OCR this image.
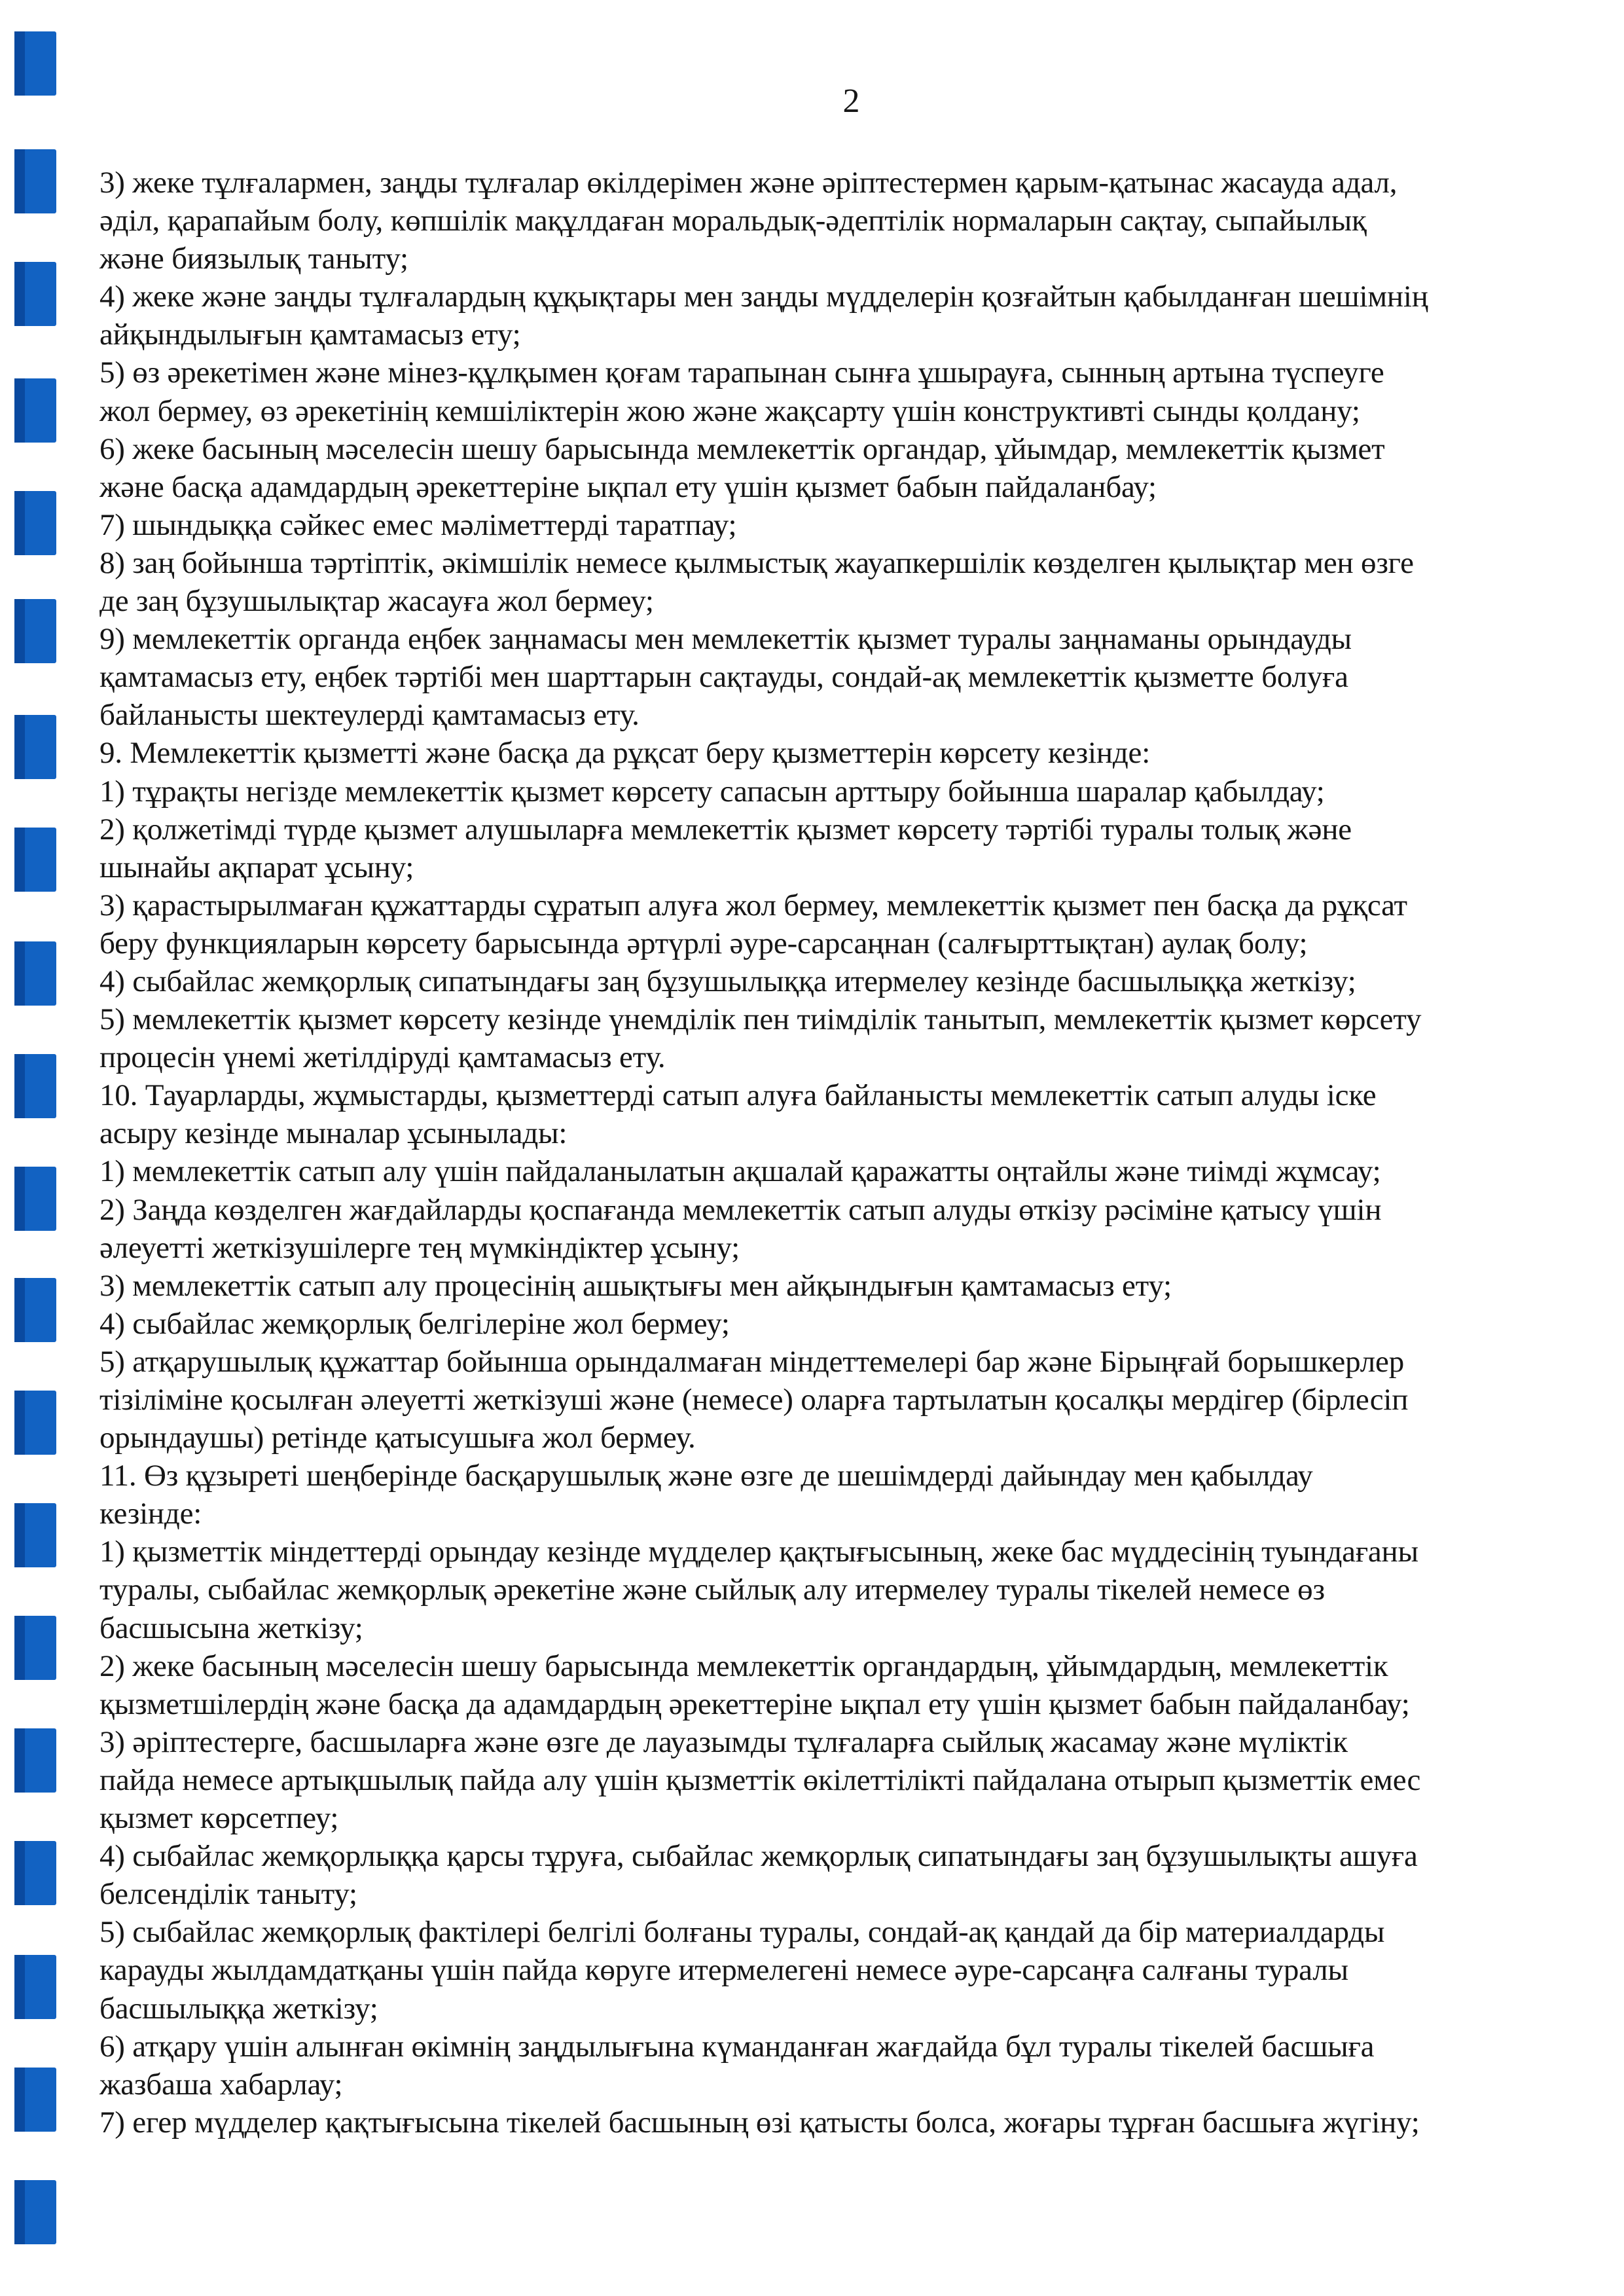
2
3) жеке тұлғалармен, заңды тұлғалар өкілдерімен және әріптестермен қарым-қатынас жасауда адал,
әділ, қарапайым болу, көпшілік мақұлдаған моральдық-әдептілік нормаларын сақтау, сыпайылық
және биязылық таныту;
4) жеке және заңды тұлғалардың құқықтары мен заңды мүдделерін қозғайтын қабылданған шешімнің
айқындылығын қамтамасыз ету;
5) өз әрекетімен және мінез-құлқымен қоғам тарапынан сынға ұшырауға, сынның артына түспеуге
жол бермеу, өз әрекетінің кемшіліктерін жою және жақсарту үшін конструктивті сынды қолдану;
6) жеке басының мәселесін шешу барысында мемлекеттік органдар, ұйымдар, мемлекеттік қызмет
және басқа адамдардың әрекеттеріне ықпал ету үшін қызмет бабын пайдаланбау;
7) шындыққа сәйкес емес мәліметтерді таратпау;
8) заң бойынша тәртіптік, әкімшілік немесе қылмыстық жауапкершілік көзделген қылықтар мен өзге
де заң бұзушылықтар жасауға жол бермеу;
9) мемлекеттік органда еңбек заңнамасы мен мемлекеттік қызмет туралы заңнаманы орындауды
қамтамасыз ету, еңбек тәртібі мен шарттарын сақтауды, сондай-ақ мемлекеттік қызметте болуға
байланысты шектеулерді қамтамасыз ету.
9. Мемлекеттік қызметті және басқа да рұқсат беру қызметтерін көрсету кезінде:
1) тұрақты негізде мемлекеттік қызмет көрсету сапасын арттыру бойынша шаралар қабылдау;
2) қолжетімді түрде қызмет алушыларға мемлекеттік қызмет көрсету тәртібі туралы толық және
шынайы ақпарат ұсыну;
3) қарастырылмаған құжаттарды сұратып алуға жол бермеу, мемлекеттік қызмет пен басқа да рұқсат
беру функцияларын көрсету барысында әртүрлі әуре-сарсаңнан (салғырттықтан) аулақ болу;
4) сыбайлас жемқорлық сипатындағы заң бұзушылыққа итермелеу кезінде басшылыққа жеткізу;
5) мемлекеттік қызмет көрсету кезінде үнемділік пен тиімділік танытып, мемлекеттік қызмет көрсету
процесін үнемі жетілдіруді қамтамасыз ету.
10. Тауарларды, жұмыстарды, қызметтерді сатып алуға байланысты мемлекеттік сатып алуды іске
асыру кезінде мыналар ұсынылады:
1) мемлекеттік сатып алу үшін пайдаланылатын ақшалай қаражатты оңтайлы және тиімді жұмсау;
2) Заңда көзделген жағдайларды қоспағанда мемлекеттік сатып алуды өткізу рәсіміне қатысу үшін
әлеуетті жеткізушілерге тең мүмкіндіктер ұсыну;
3) мемлекеттік сатып алу процесінің ашықтығы мен айқындығын қамтамасыз ету;
4) сыбайлас жемқорлық белгілеріне жол бермеу;
5) атқарушылық құжаттар бойынша орындалмаған міндеттемелері бар және Бірыңғай борышкерлер
тізіліміне қосылған әлеуетті жеткізуші және (немесе) оларға тартылатын қосалқы мердігер (бірлесіп
орындаушы) ретінде қатысушыға жол бермеу.
11. Өз құзыреті шеңберінде басқарушылық және өзге де шешімдерді дайындау мен қабылдау
кезінде:
1) қызметтік міндеттерді орындау кезінде мүдделер қақтығысының, жеке бас мүддесінің туындағаны
туралы, сыбайлас жемқорлық әрекетіне және сыйлық алу итермелеу туралы тікелей немесе өз
басшысына жеткізу;
2) жеке басының мәселесін шешу барысында мемлекеттік органдардың, ұйымдардың, мемлекеттік
қызметшілердің және басқа да адамдардың әрекеттеріне ықпал ету үшін қызмет бабын пайдаланбау;
3) әріптестерге, басшыларға және өзге де лауазымды тұлғаларға сыйлық жасамау және мүліктік
пайда немесе артықшылық пайда алу үшін қызметтік өкілеттілікті пайдалана отырып қызметтік емес
қызмет көрсетпеу;
4) сыбайлас жемқорлыққа қарсы тұруға, сыбайлас жемқорлық сипатындағы заң бұзушылықты ашуға
белсенділік таныту;
5) сыбайлас жемқорлық фактілері белгілі болғаны туралы, сондай-ақ қандай да бір материалдарды
карауды жылдамдатқаны үшін пайда көруге итермелегені немесе әуре-сарсаңға салғаны туралы
басшылыққа жеткізу;
6) атқару үшін алынған өкімнің заңдылығына күманданған жағдайда бұл туралы тікелей басшыға
жазбаша хабарлау;
7) егер мүдделер қақтығысына тікелей басшының өзі қатысты болса, жоғары тұрған басшыға жүгіну;
